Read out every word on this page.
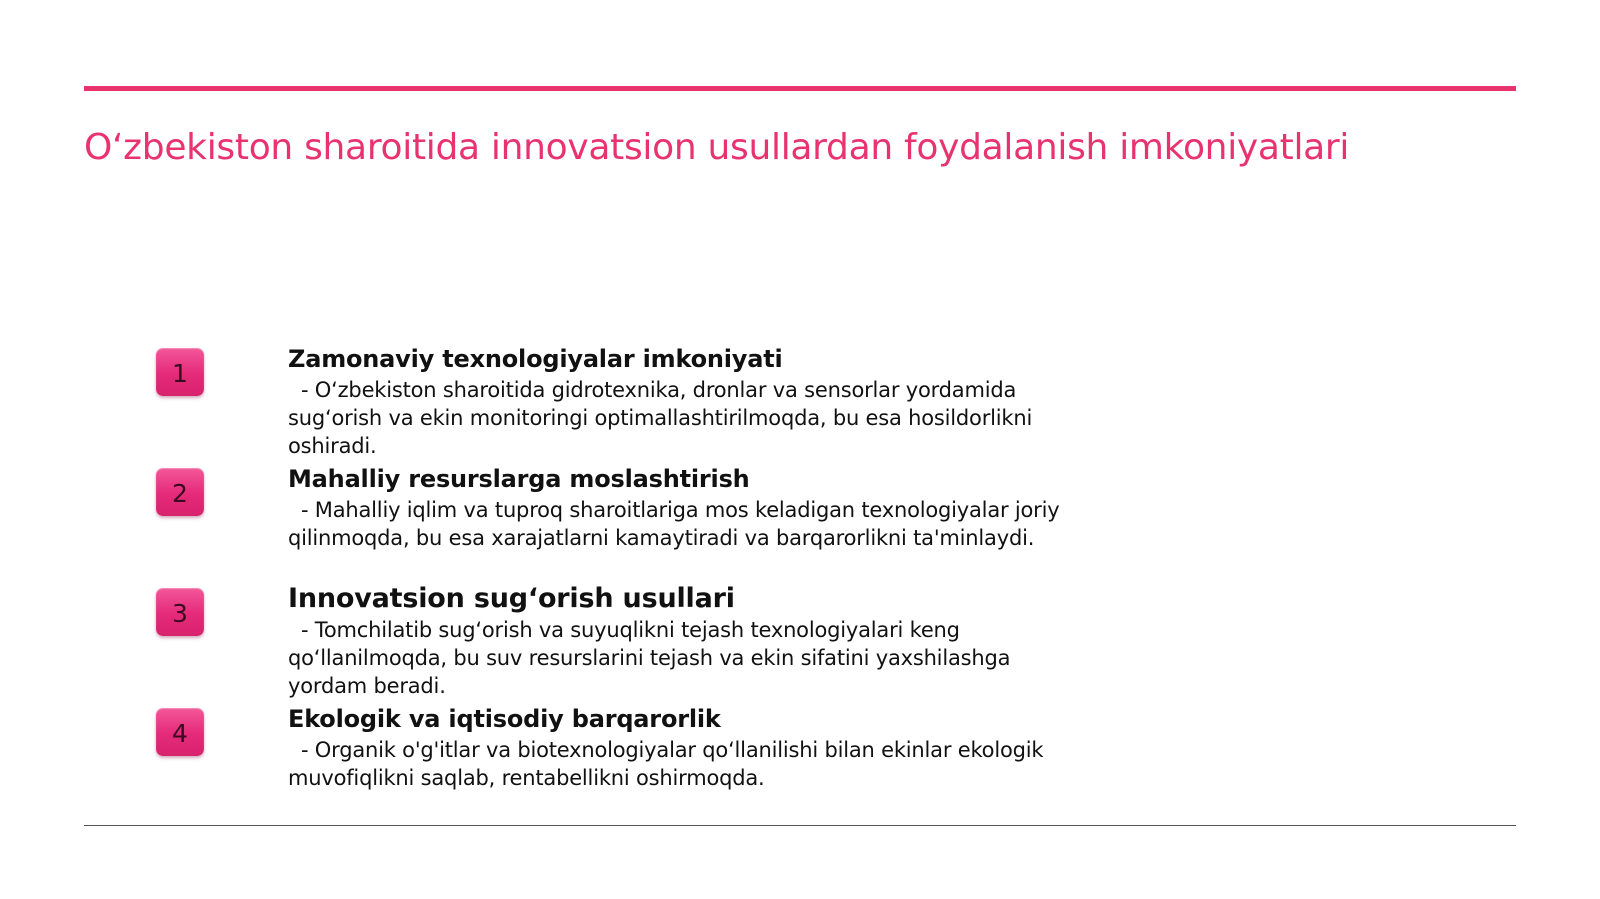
O‘zbekiston sharoitida innovatsion usullardan foydalanish imkoniyatlari
1	Zamonaviy texnologiyalar imkoniyati

- O‘zbekiston sharoitida gidrotexnika, dronlar va sensorlar yordamida sug‘orish va ekin monitoringi optimallashtirilmoqda, bu esa hosildorlikni oshiradi.

2	Mahalliy resurslarga moslashtirish

- Mahalliy iqlim va tuproq sharoitlariga mos keladigan texnologiyalar joriy qilinmoqda, bu esa xarajatlarni kamaytiradi va barqarorlikni ta'minlaydi.

3	Innovatsion sug‘orish usullari

- Tomchilatib sug‘orish va suyuqlikni tejash texnologiyalari keng qo‘llanilmoqda, bu suv resurslarini tejash va ekin sifatini yaxshilashga yordam beradi.

4	Ekologik va iqtisodiy barqarorlik

- Organik o'g'itlar va biotexnologiyalar qo‘llanilishi bilan ekinlar ekologik muvofiqlikni saqlab, rentabellikni oshirmoqda.
